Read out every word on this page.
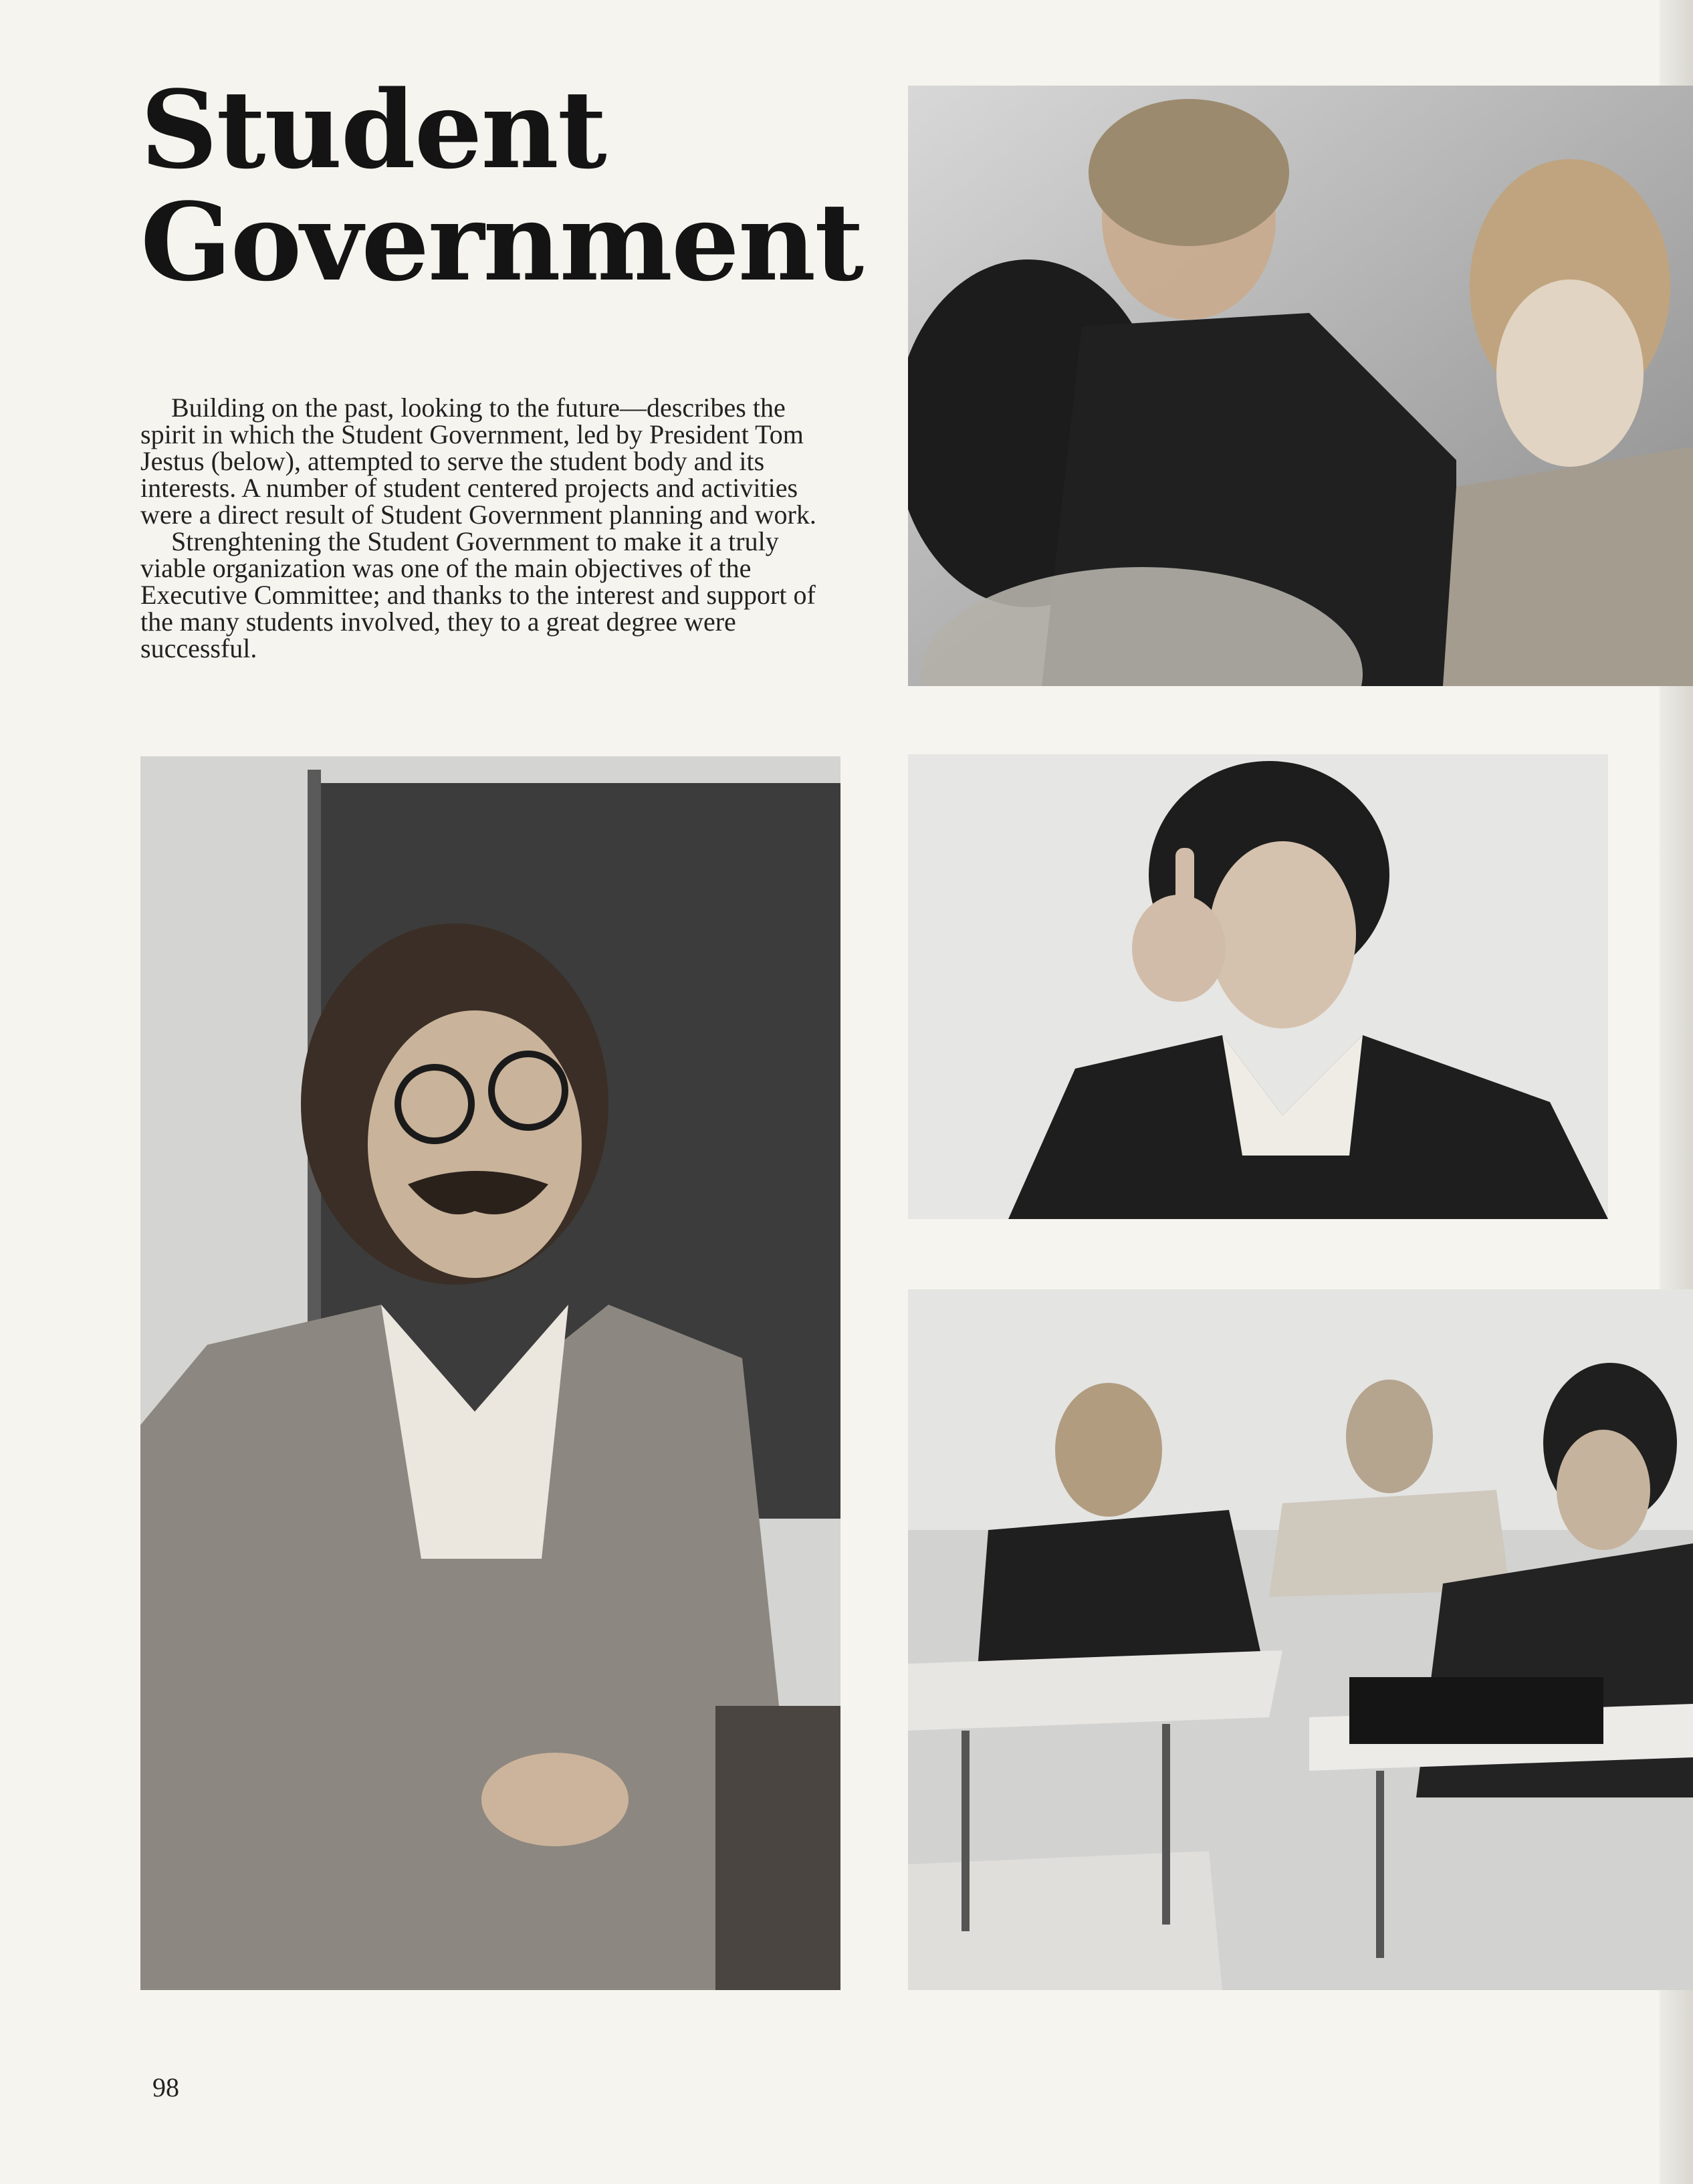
Student
Government

Building on the past, looking to the future—describes the spirit in which the Student Government, led by President Tom Jestus (below), attempted to serve the student body and its interests. A number of student centered projects and activities were a direct result of Student Government planning and work.

Strenghtening the Student Government to make it a truly viable organization was one of the main objectives of the Executive Committee; and thanks to the interest and support of the many students involved, they to a great degree were successful.

98
